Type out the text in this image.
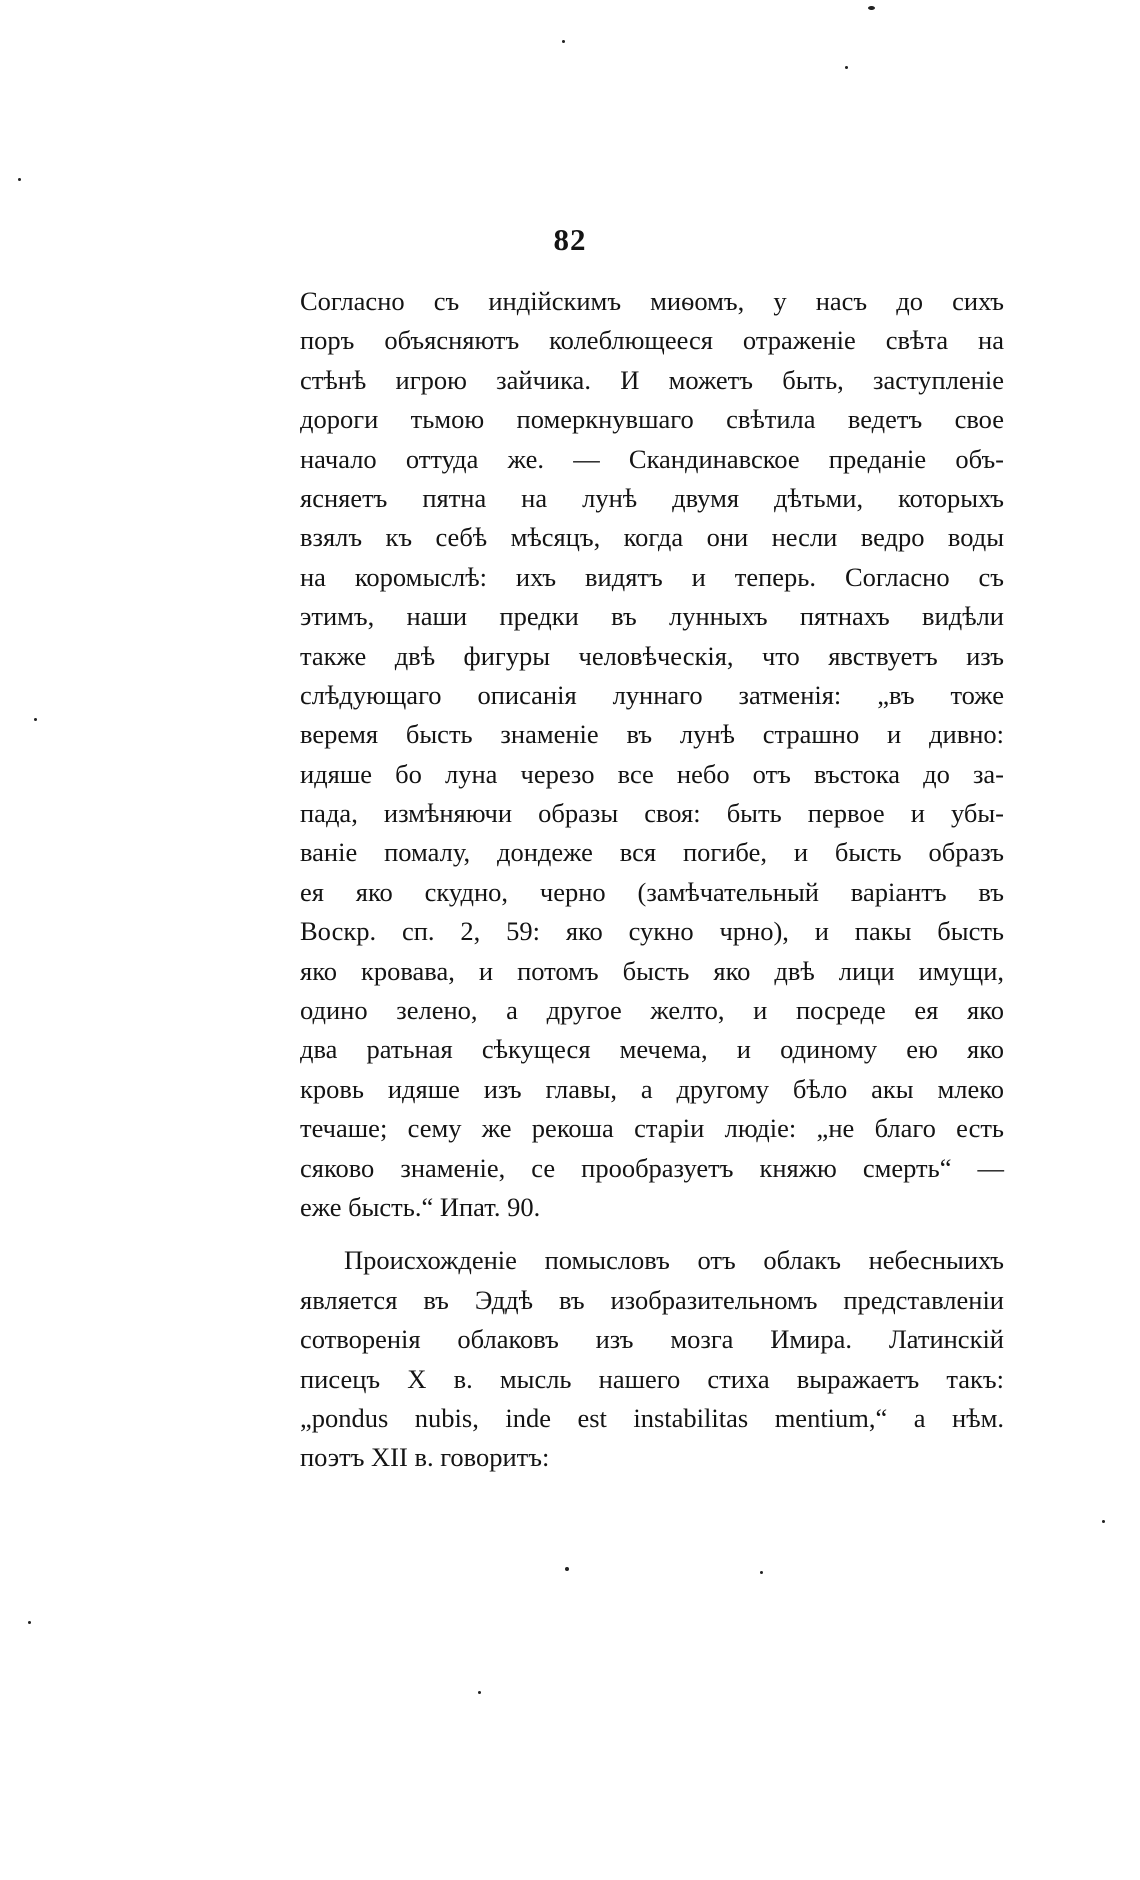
82
Согласно съ индійскимъ миѳомъ, у насъ до сихъ
поръ объясняютъ колеблющееся отраженіе свѣта на
стѣнѣ игрою зайчика. И можетъ быть, заступленіе
дороги тьмою померкнувшаго свѣтила ведетъ свое
начало оттуда же. — Скандинавское преданіе объ-
ясняетъ пятна на лунѣ двумя дѣтьми, которыхъ
взялъ къ себѣ мѣсяцъ, когда они несли ведро воды
на коромыслѣ: ихъ видятъ и теперь. Согласно съ
этимъ, наши предки въ лунныхъ пятнахъ видѣли
также двѣ фигуры человѣческія, что явствуетъ изъ
слѣдующаго описанія луннаго затменія: „въ тоже
веремя бысть знаменіе въ лунѣ страшно и дивно:
идяше бо луна черезо все небо отъ въстока до за-
пада, измѣняючи образы своя: быть первое и убы-
ваніе помалу, дондеже вся погибе, и бысть образъ
ея яко скудно, черно (замѣчательный варіантъ въ
Воскр. сп. 2, 59: яко сукно чрно), и пакы бысть
яко кровава, и потомъ бысть яко двѣ лици имущи,
одино зелено, а другое желто, и посреде ея яко
два ратьная сѣкущеся мечема, и одиному ею яко
кровь идяше изъ главы, а другому бѣло акы млеко
течаше; сему же рекоша старіи людіе: „не благо есть
сяково знаменіе, се прообразуетъ княжю смерть“ —
еже бысть.“ Ипат. 90.
Происхожденіе помысловъ отъ облакъ небесныихъ
является въ Эддѣ въ изобразительномъ представленіи
сотворенія облаковъ изъ мозга Имира. Латинскій
писецъ X в. мысль нашего стиха выражаетъ такъ:
„pondus nubis, inde est instabilitas mentium,“ а нѣм.
поэтъ XII в. говоритъ:
